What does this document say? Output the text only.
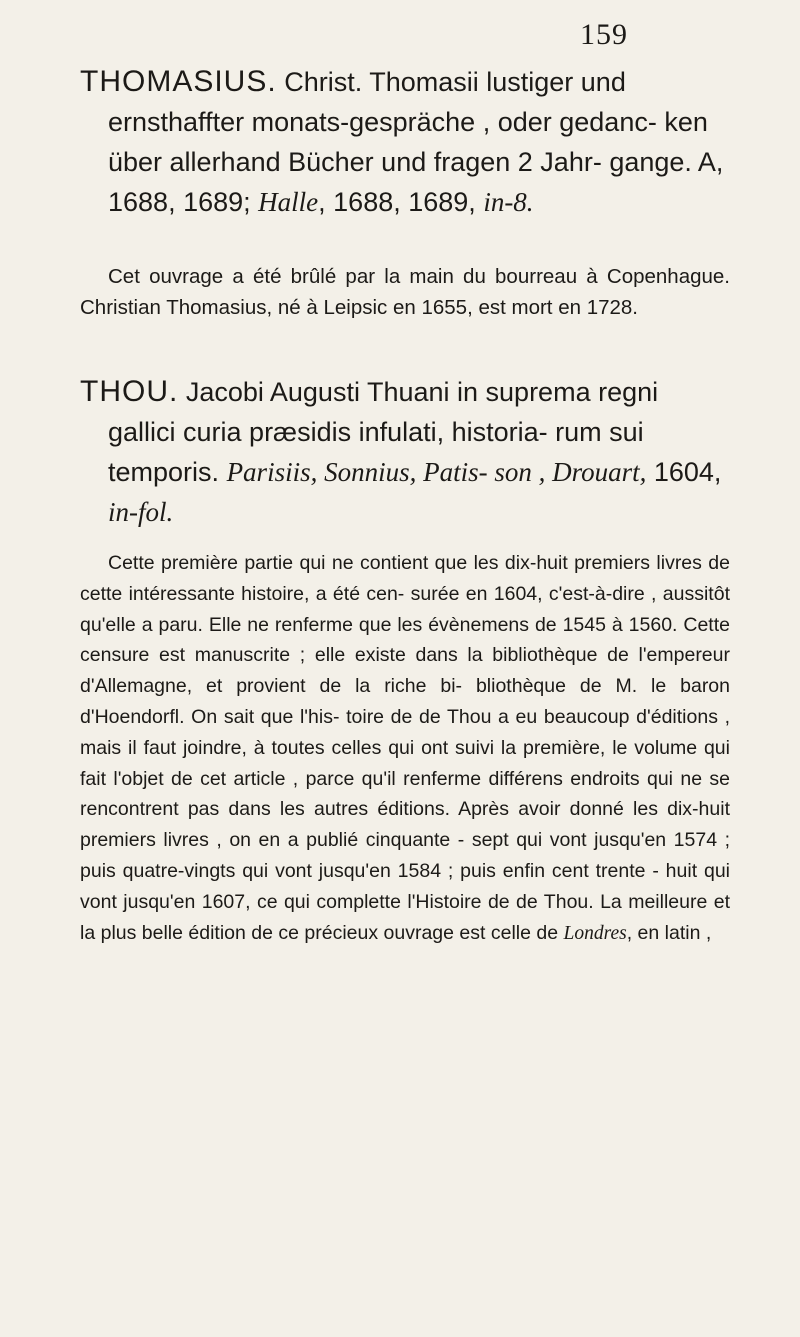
159

THOMASIUS. Christ. Thomasii lustiger und ernsthaffter monats-gespräche , oder gedanc- ken über allerhand Bücher und fragen 2 Jahr- gange. A, 1688, 1689; Halle, 1688, 1689, in-8.

Cet ouvrage a été brûlé par la main du bourreau à Copenhague. Christian Thomasius, né à Leipsic en 1655, est mort en 1728.

THOU. Jacobi Augusti Thuani in suprema regni gallici curia præsidis infulati, historia- rum sui temporis. Parisiis, Sonnius, Patis- son , Drouart, 1604, in-fol.

Cette première partie qui ne contient que les dix-huit premiers livres de cette intéressante histoire, a été cen- surée en 1604, c'est-à-dire , aussitôt qu'elle a paru. Elle ne renferme que les évènemens de 1545 à 1560. Cette censure est manuscrite ; elle existe dans la bibliothèque de l'empereur d'Allemagne, et provient de la riche bi- bliothèque de M. le baron d'Hoendorfl. On sait que l'his- toire de de Thou a eu beaucoup d'éditions , mais il faut joindre, à toutes celles qui ont suivi la première, le volume qui fait l'objet de cet article , parce qu'il renferme différens endroits qui ne se rencontrent pas dans les autres éditions. Après avoir donné les dix-huit premiers livres , on en a publié cinquante - sept qui vont jusqu'en 1574 ; puis quatre-vingts qui vont jusqu'en 1584 ; puis enfin cent trente - huit qui vont jusqu'en 1607, ce qui complette l'Histoire de de Thou. La meilleure et la plus belle édition de ce précieux ouvrage est celle de Londres, en latin ,
